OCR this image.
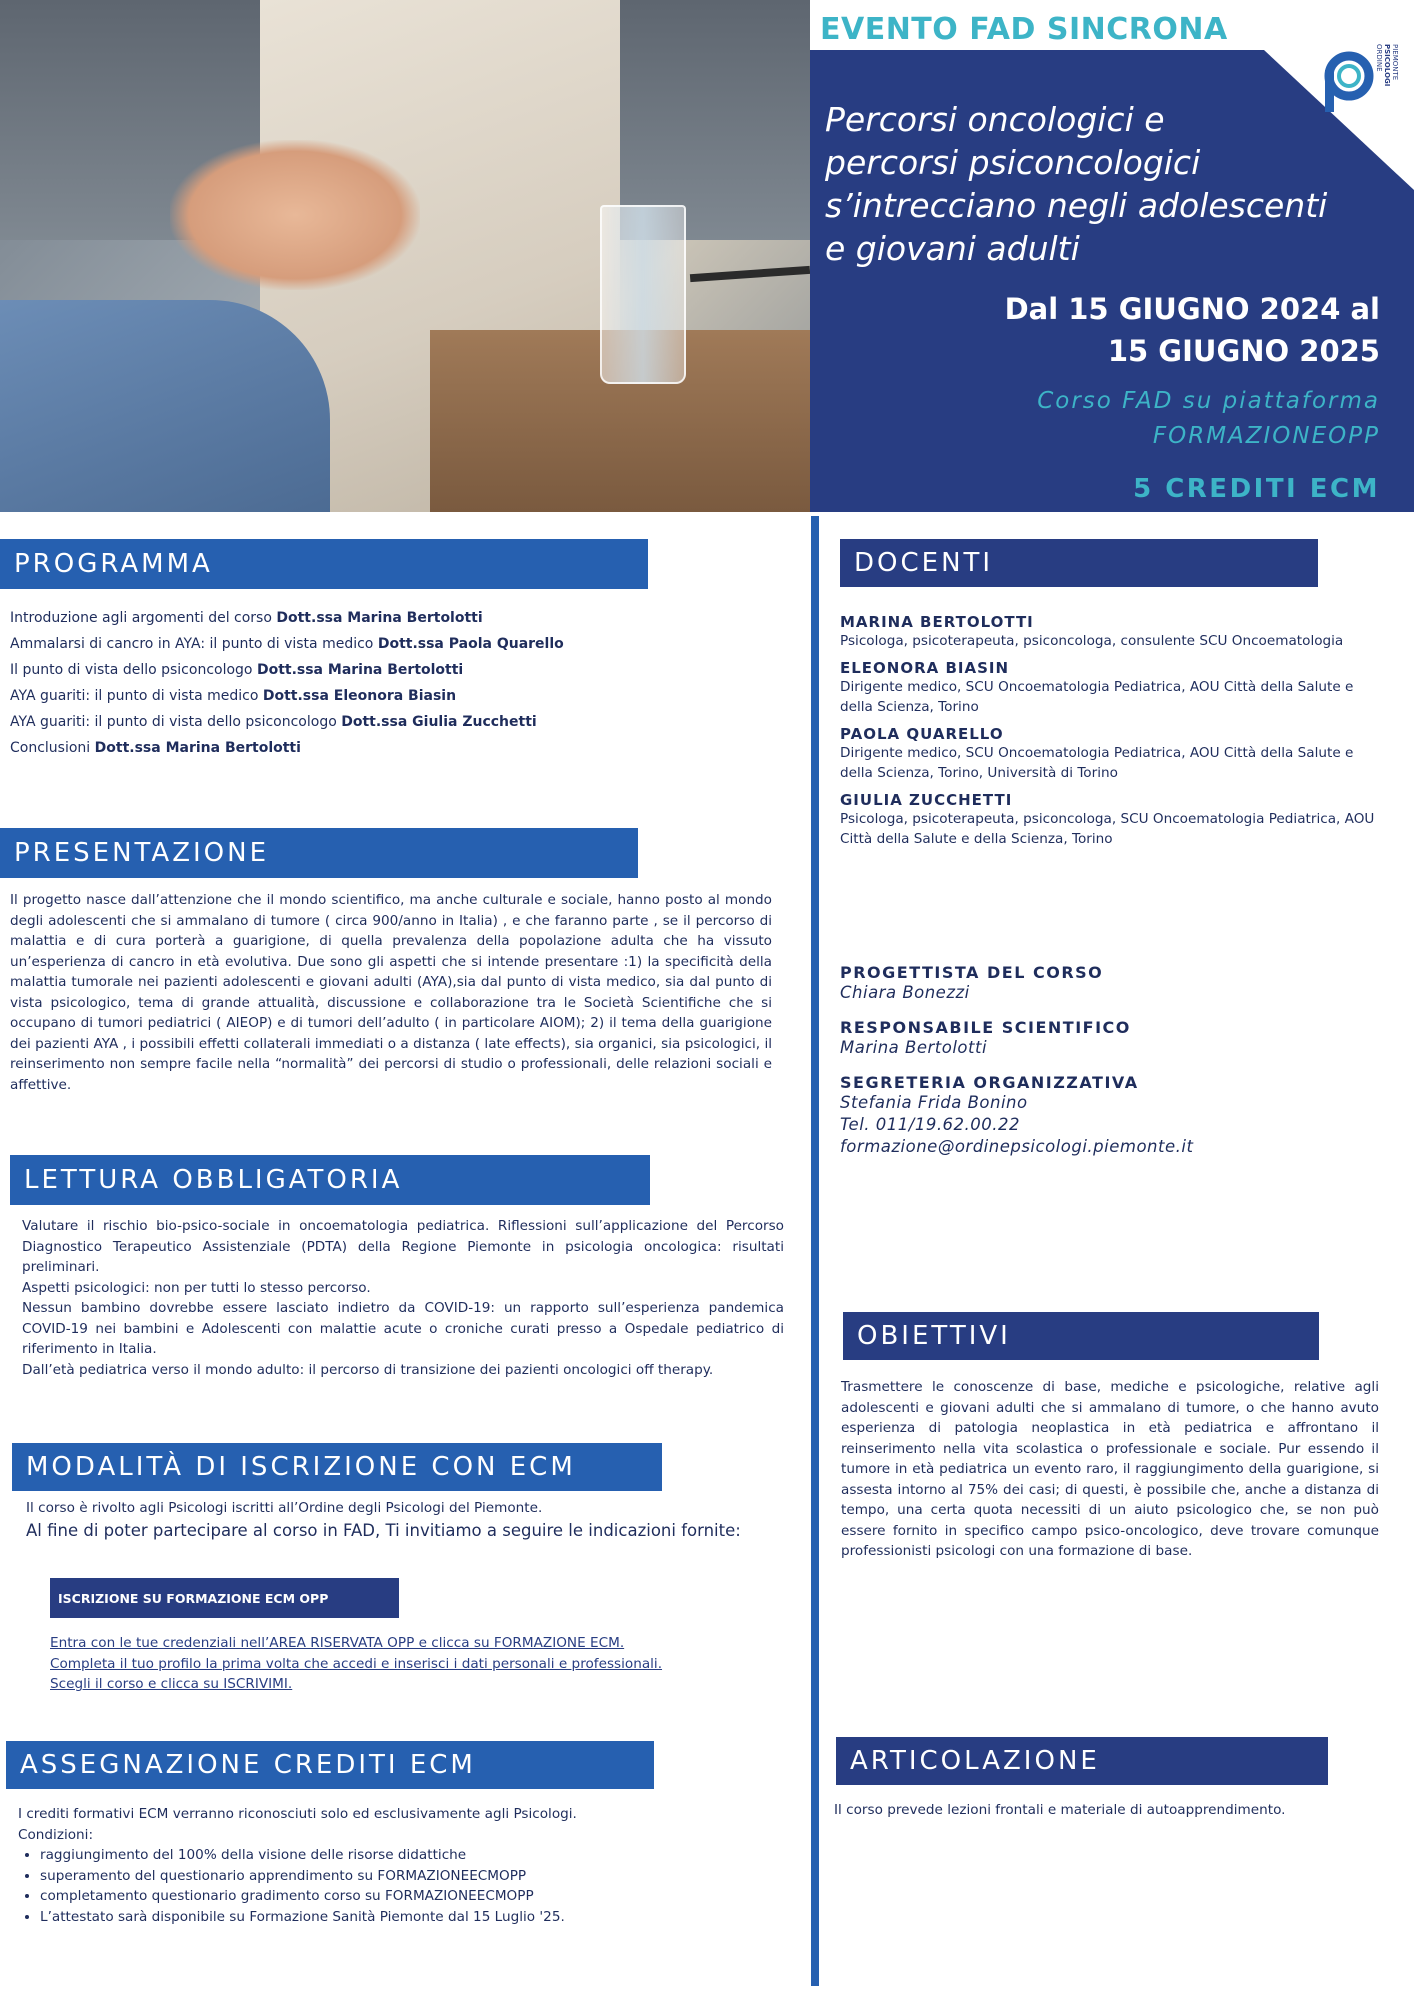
EVENTO FAD SINCRONA
ORDINE PSICOLOGI PIEMONTE
Percorsi oncologici e
percorsi psiconcologici
s’intrecciano negli adolescenti
e giovani adulti
Dal 15 GIUGNO 2024 al
15 GIUGNO 2025
Corso FAD su piattaforma
FORMAZIONEOPP
5 CREDITI ECM
PROGRAMMA
Introduzione agli argomenti del corso Dott.ssa Marina Bertolotti
Ammalarsi di cancro in AYA: il punto di vista medico Dott.ssa Paola Quarello
Il punto di vista dello psiconcologo Dott.ssa Marina Bertolotti
AYA guariti: il punto di vista medico Dott.ssa Eleonora Biasin
AYA guariti: il punto di vista dello psiconcologo Dott.ssa Giulia Zucchetti
Conclusioni Dott.ssa Marina Bertolotti
PRESENTAZIONE
Il progetto nasce dall’attenzione che il mondo scientifico, ma anche culturale e sociale, hanno posto al mondo degli adolescenti che si ammalano di tumore ( circa 900/anno in Italia) , e che faranno parte , se il percorso di malattia e di cura porterà a guarigione, di quella prevalenza della popolazione adulta che ha vissuto un’esperienza di cancro in età evolutiva. Due sono gli aspetti che si intende presentare :1) la specificità della malattia tumorale nei pazienti adolescenti e giovani adulti (AYA),sia dal punto di vista medico, sia dal punto di vista psicologico, tema di grande attualità, discussione e collaborazione tra le Società Scientifiche che si occupano di tumori pediatrici ( AIEOP) e di tumori dell’adulto ( in particolare AIOM); 2) il tema della guarigione dei pazienti AYA , i possibili effetti collaterali immediati o a distanza ( late effects), sia organici, sia psicologici, il reinserimento non sempre facile nella “normalità” dei percorsi di studio o professionali, delle relazioni sociali e affettive.
LETTURA OBBLIGATORIA
Valutare il rischio bio-psico-sociale in oncoematologia pediatrica. Riflessioni sull’applicazione del Percorso Diagnostico Terapeutico Assistenziale (PDTA) della Regione Piemonte in psicologia oncologica: risultati preliminari.
Aspetti psicologici: non per tutti lo stesso percorso.
Nessun bambino dovrebbe essere lasciato indietro da COVID-19: un rapporto sull’esperienza pandemica COVID-19 nei bambini e Adolescenti con malattie acute o croniche curati presso a Ospedale pediatrico di riferimento in Italia.
Dall’età pediatrica verso il mondo adulto: il percorso di transizione dei pazienti oncologici off therapy.
MODALITÀ DI ISCRIZIONE CON ECM
Il corso è rivolto agli Psicologi iscritti all’Ordine degli Psicologi del Piemonte.
Al fine di poter partecipare al corso in FAD, Ti invitiamo a seguire le indicazioni fornite:
ISCRIZIONE SU FORMAZIONE ECM OPP
Entra con le tue credenziali nell’AREA RISERVATA OPP e clicca su FORMAZIONE ECM.
Completa il tuo profilo la prima volta che accedi e inserisci i dati personali e professionali.
Scegli il corso e clicca su ISCRIVIMI.
ASSEGNAZIONE CREDITI ECM
I crediti formativi ECM verranno riconosciuti solo ed esclusivamente agli Psicologi.
Condizioni:
• raggiungimento del 100% della visione delle risorse didattiche
• superamento del questionario apprendimento su FORMAZIONEECMOPP
• completamento questionario gradimento corso su FORMAZIONEECMOPP
• L’attestato sarà disponibile su Formazione Sanità Piemonte dal 15 Luglio '25.
DOCENTI
MARINA BERTOLOTTI
Psicologa, psicoterapeuta, psiconcologa, consulente SCU Oncoematologia
ELEONORA BIASIN
Dirigente medico, SCU Oncoematologia Pediatrica, AOU Città della Salute e della Scienza, Torino
PAOLA QUARELLO
Dirigente medico, SCU Oncoematologia Pediatrica, AOU Città della Salute e della Scienza, Torino, Università di Torino
GIULIA ZUCCHETTI
Psicologa, psicoterapeuta, psiconcologa, SCU Oncoematologia Pediatrica, AOU Città della Salute e della Scienza, Torino
PROGETTISTA DEL CORSO
Chiara Bonezzi
RESPONSABILE SCIENTIFICO
Marina Bertolotti
SEGRETERIA ORGANIZZATIVA
Stefania Frida Bonino
Tel. 011/19.62.00.22
formazione@ordinepsicologi.piemonte.it
OBIETTIVI
Trasmettere le conoscenze di base, mediche e psicologiche, relative agli adolescenti e giovani adulti che si ammalano di tumore, o che hanno avuto esperienza di patologia neoplastica in età pediatrica e affrontano il reinserimento nella vita scolastica o professionale e sociale. Pur essendo il tumore in età pediatrica un evento raro, il raggiungimento della guarigione, si assesta intorno al 75% dei casi; di questi, è possibile che, anche a distanza di tempo, una certa quota necessiti di un aiuto psicologico che, se non può essere fornito in specifico campo psico-oncologico, deve trovare comunque professionisti psicologi con una formazione di base.
ARTICOLAZIONE
Il corso prevede lezioni frontali e materiale di autoapprendimento.
